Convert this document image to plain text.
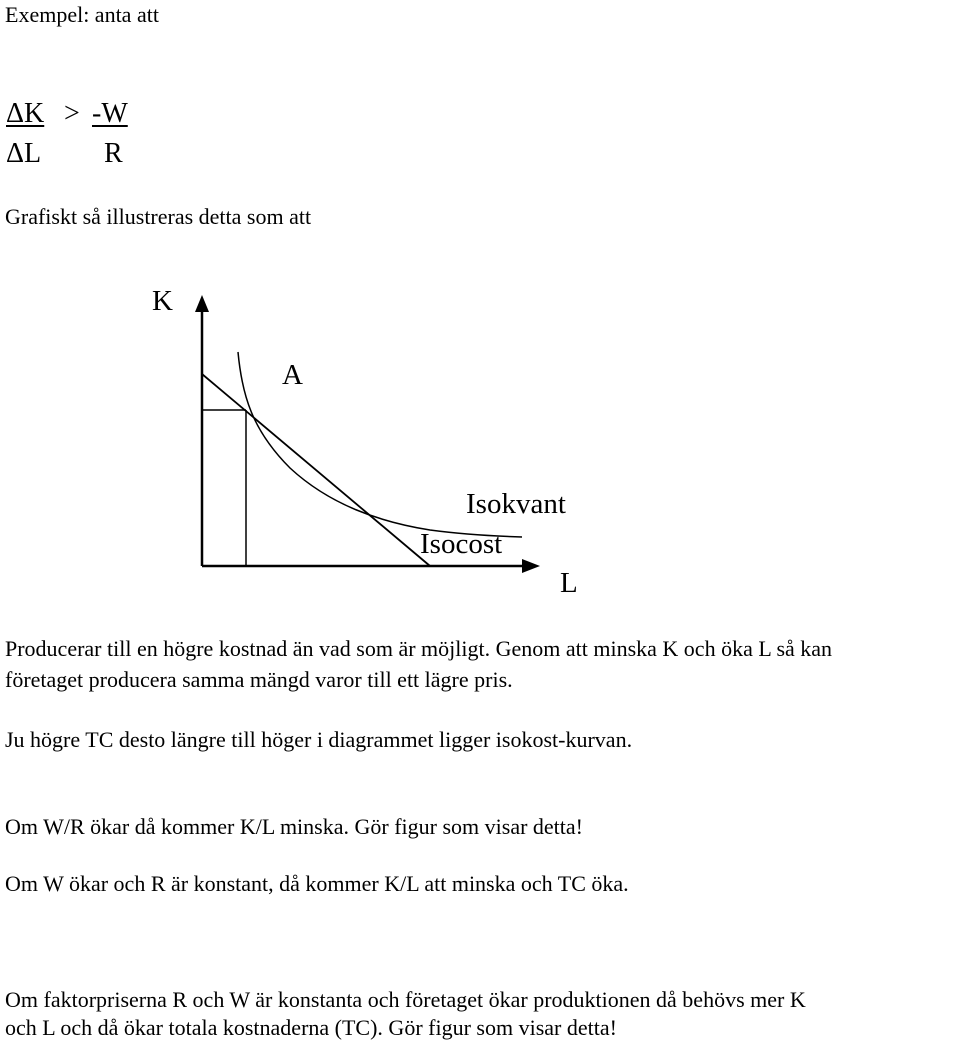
Exempel: anta att
ΔK > -W
ΔL R
Grafiskt så illustreras detta som att
K
A
Isokvant
Isocost
L
Producerar till en högre kostnad än vad som är möjligt. Genom att minska K och öka L så kan
företaget producera samma mängd varor till ett lägre pris.
Ju högre TC desto längre till höger i diagrammet ligger isokost-kurvan.
Om W/R ökar då kommer K/L minska. Gör figur som visar detta!
Om W ökar och R är konstant, då kommer K/L att minska och TC öka.
Om faktorpriserna R och W är konstanta och företaget ökar produktionen då behövs mer K
och L och då ökar totala kostnaderna (TC). Gör figur som visar detta!
